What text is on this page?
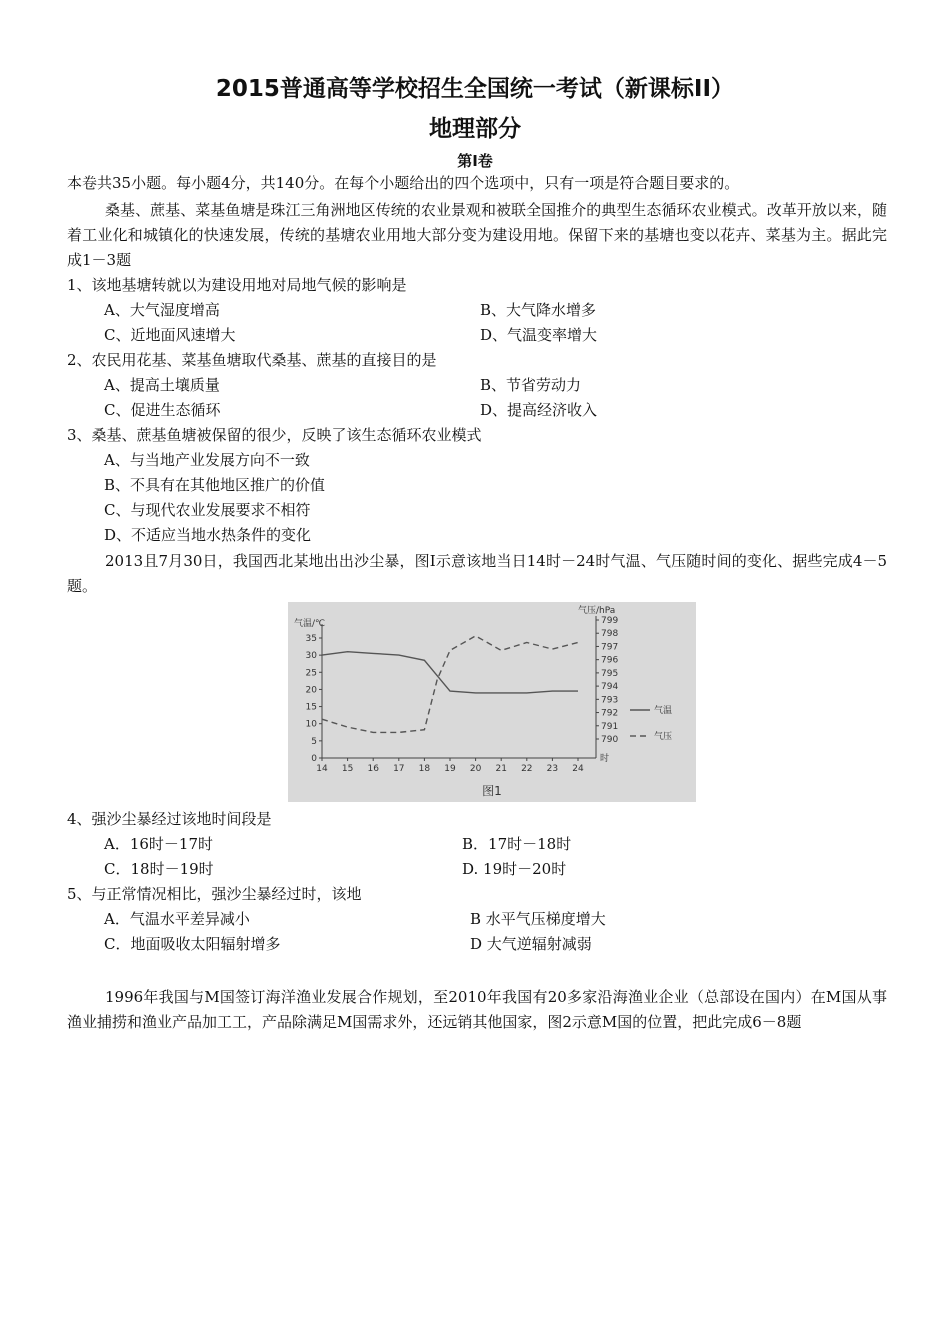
2015普通高等学校招生全国统一考试（新课标II）
地理部分
第Ⅰ卷
本卷共35小题。每小题4分，共140分。在每个小题给出的四个选项中，只有一项是符合题目要求的。
桑基、蔗基、菜基鱼塘是珠江三角洲地区传统的农业景观和被联全国推介的典型生态循环农业模式。改革开放以来，随着工业化和城镇化的快速发展，传统的基塘农业用地大部分变为建设用地。保留下来的基塘也变以花卉、菜基为主。据此完成1－3题
1、该地基塘转就以为建设用地对局地气候的影响是
A、大气湿度增高	B、大气降水增多
C、近地面风速增大	D、气温变率增大
2、农民用花基、菜基鱼塘取代桑基、蔗基的直接目的是
A、提高土壤质量	B、节省劳动力
C、促进生态循环	D、提高经济收入
3、桑基、蔗基鱼塘被保留的很少，反映了该生态循环农业模式
A、与当地产业发展方向不一致
B、不具有在其他地区推广的价值
C、与现代农业发展要求不相符
D、不适应当地水热条件的变化
2013且7月30日，我国西北某地出出沙尘暴，图Ⅰ示意该地当日14时－24时气温、气压随时间的变化、据些完成4－5题。
气温/℃
气压/hPa
时
0
5
10
15
20
25
30
35
790
791
792
793
794
795
796
797
798
799
14 15 16 17 18 19 20 21 22 23 24
气温
气压
图1
4、强沙尘暴经过该地时间段是
A．16时－17时	B．17时－18时
C．18时－19时	D. 19时－20时
5、与正常情况相比，强沙尘暴经过时，该地
A．气温水平差异减小	B 水平气压梯度增大
C．地面吸收太阳辐射增多	D 大气逆辐射减弱
1996年我国与M国签订海洋渔业发展合作规划，至2010年我国有20多家沿海渔业企业（总部设在国内）在M国从事渔业捕捞和渔业产品加工工，产品除满足M国需求外，还远销其他国家，图2示意M国的位置，把此完成6－8题
